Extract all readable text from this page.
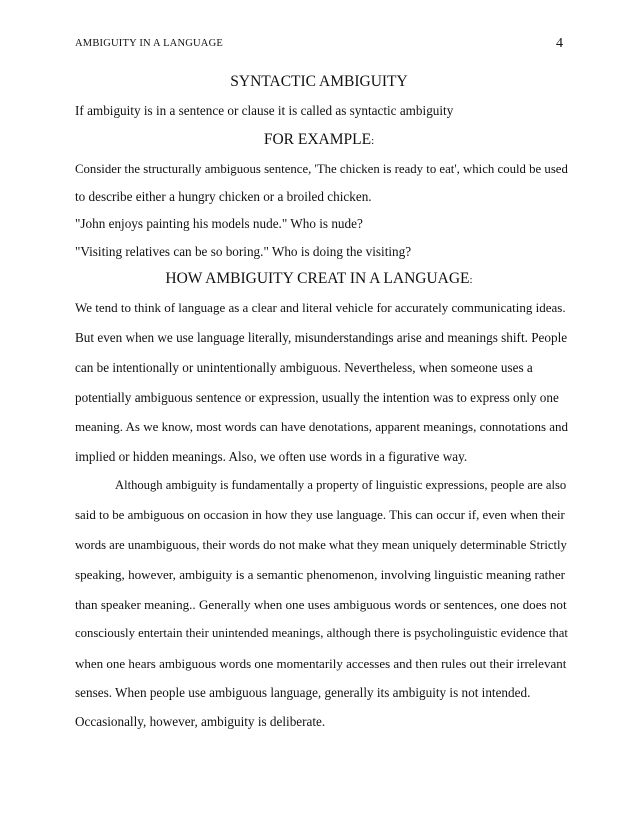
AMBIGUITY IN A LANGUAGE	4
SYNTACTIC AMBIGUITY
If ambiguity is in a sentence or clause it is called as syntactic ambiguity
FOR EXAMPLE:
Consider the structurally ambiguous sentence, 'The chicken is ready to eat', which could be used
to describe either a hungry chicken or a broiled chicken.
"John enjoys painting his models nude." Who is nude?
"Visiting relatives can be so boring." Who is doing the visiting?
HOW AMBIGUITY CREAT IN A LANGUAGE:
We tend to think of language as a clear and literal vehicle for accurately communicating ideas.
But even when we use language literally, misunderstandings arise and meanings shift. People
can be intentionally or unintentionally ambiguous. Nevertheless, when someone uses a
potentially ambiguous sentence or expression, usually the intention was to express only one
meaning. As we know, most words can have denotations, apparent meanings, connotations and
implied or hidden meanings. Also, we often use words in a figurative way.
Although ambiguity is fundamentally a property of linguistic expressions, people are also
said to be ambiguous on occasion in how they use language. This can occur if, even when their
words are unambiguous, their words do not make what they mean uniquely determinable Strictly
speaking, however, ambiguity is a semantic phenomenon, involving linguistic meaning rather
than speaker meaning.. Generally when one uses ambiguous words or sentences, one does not
consciously entertain their unintended meanings, although there is psycholinguistic evidence that
when one hears ambiguous words one momentarily accesses and then rules out their irrelevant
senses. When people use ambiguous language, generally its ambiguity is not intended.
Occasionally, however, ambiguity is deliberate.
